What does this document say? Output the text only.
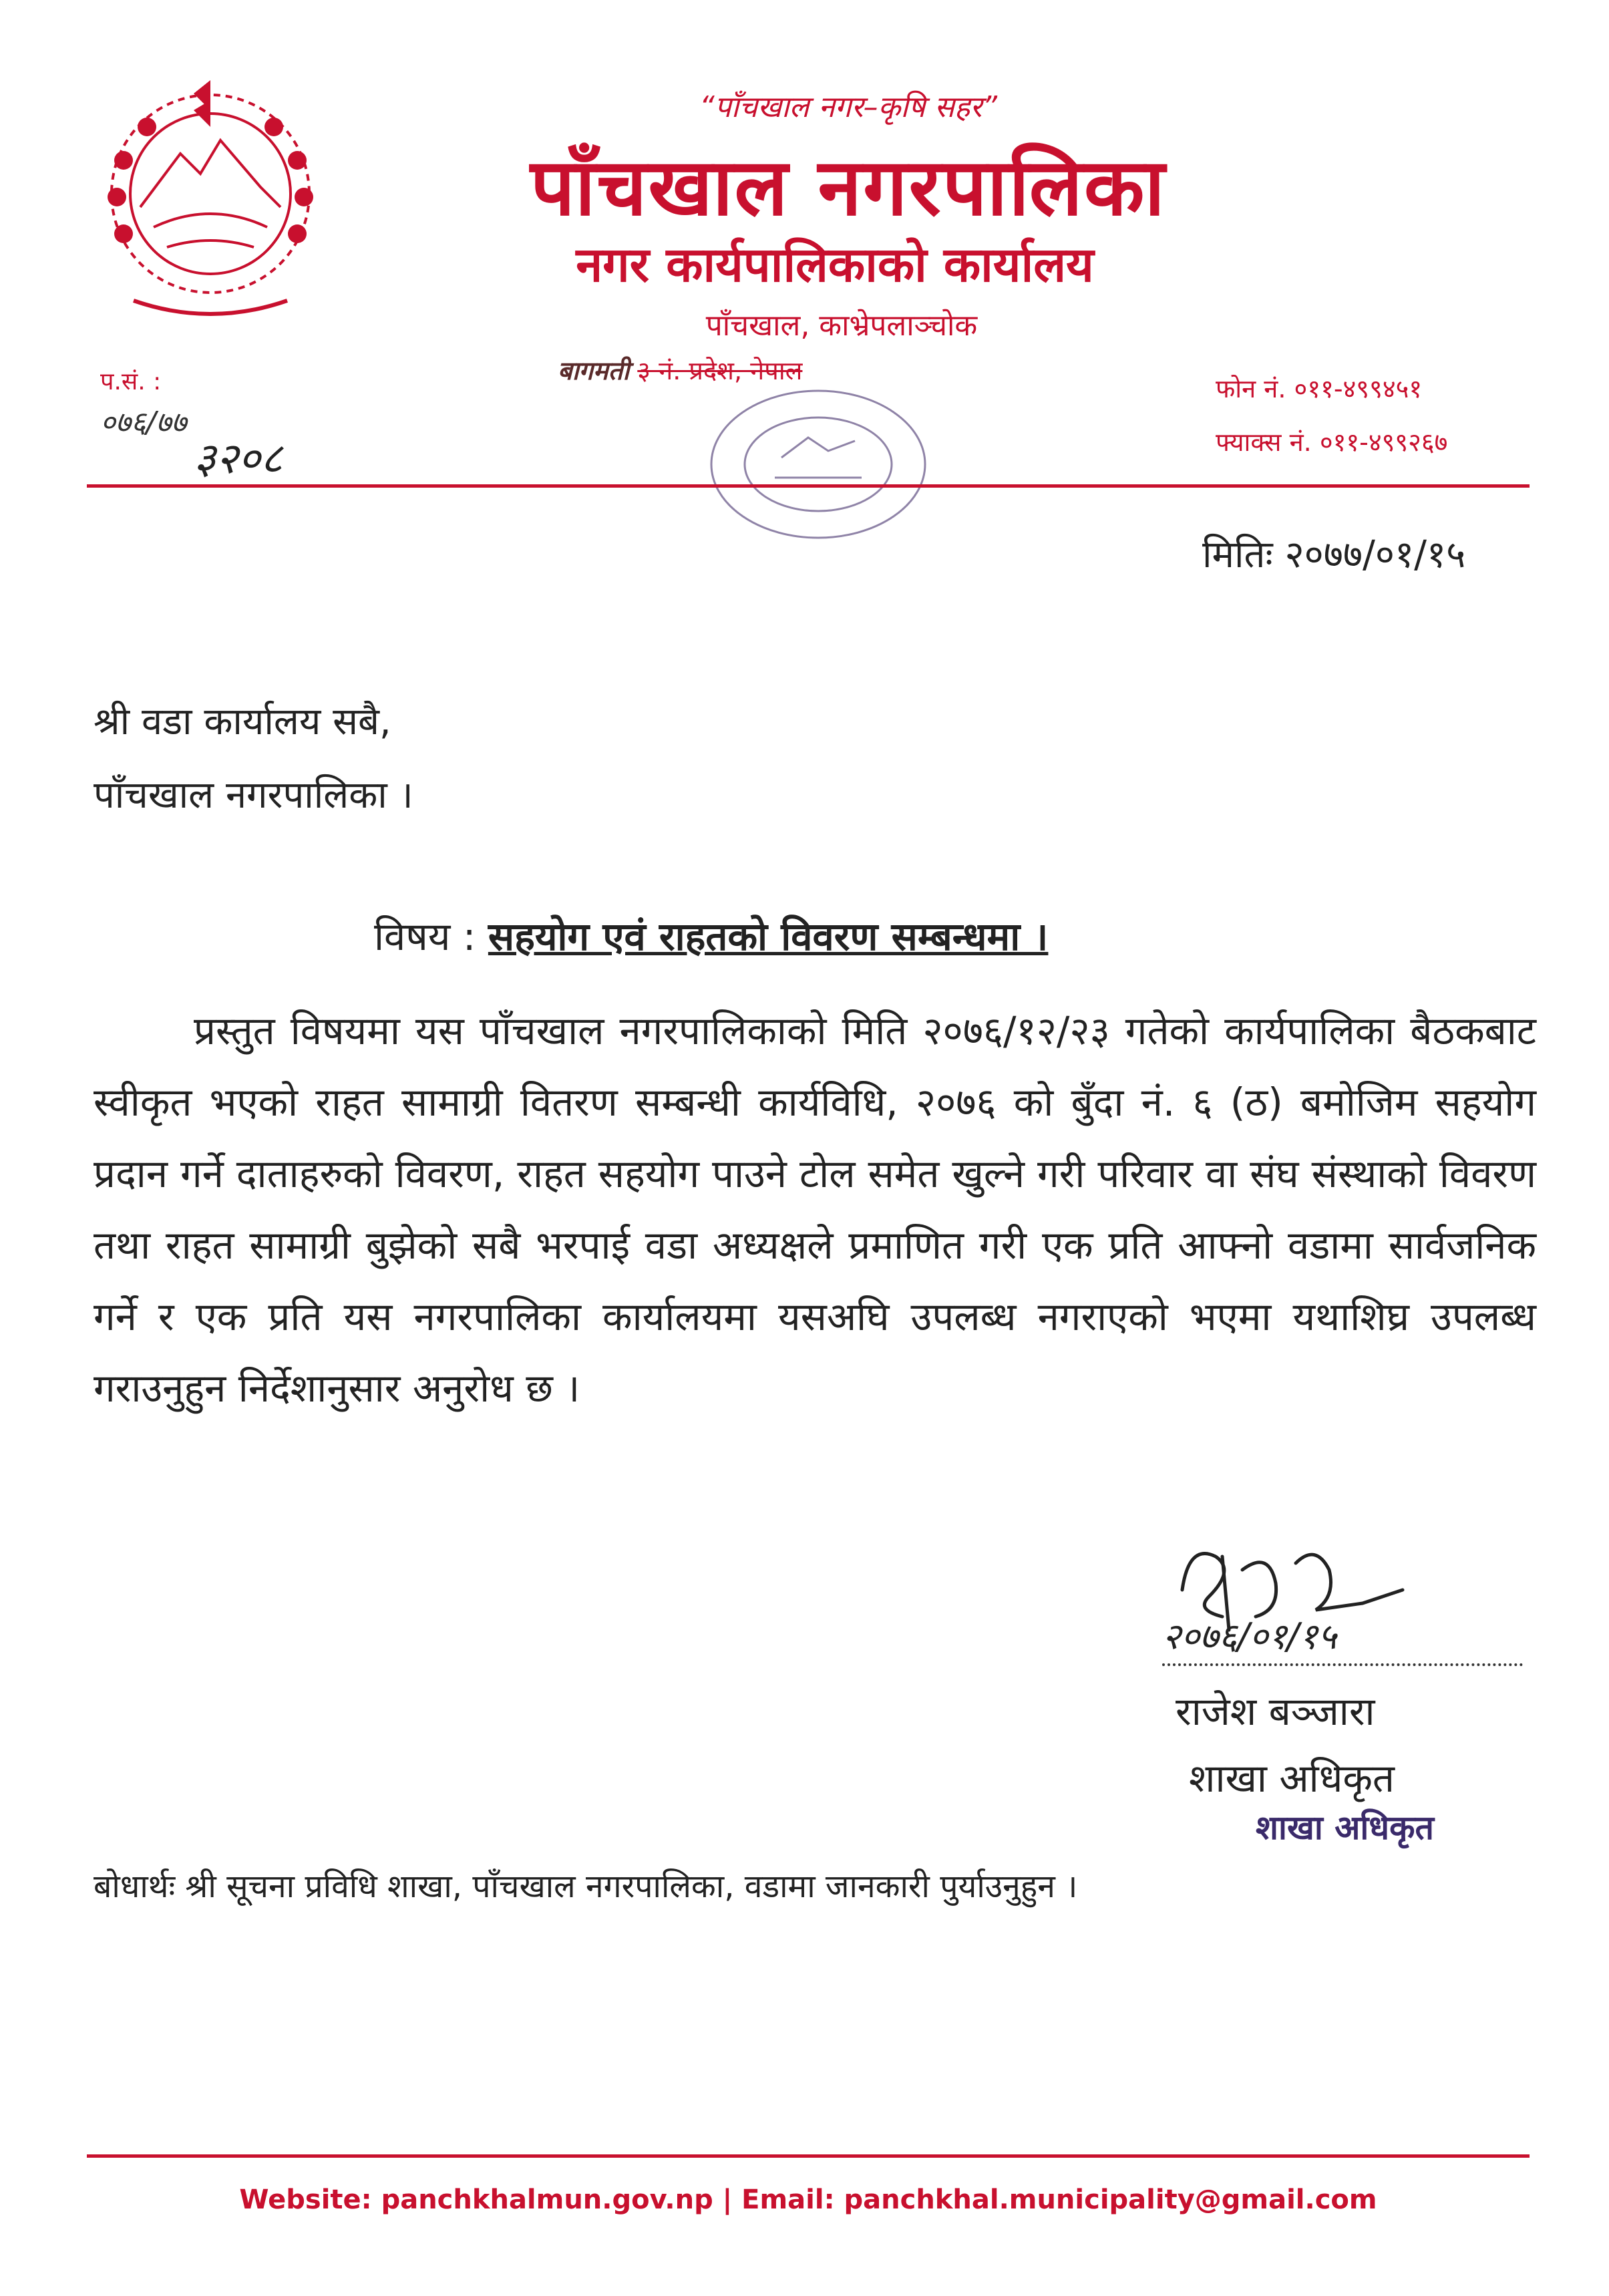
“पाँचखाल नगर–कृषि सहर”
पाँचखाल नगरपालिका
नगर कार्यपालिकाको कार्यालय
पाँचखाल, काभ्रेपलाञ्चोक
बागमती ३ नं. प्रदेश, नेपाल
प.सं. :
०७६/७७
३२०८
फोन नं. ०११-४९९४५१
फ्याक्स नं. ०११-४९९२६७
मितिः २०७७/०१/१५
श्री वडा कार्यालय सबै,
पाँचखाल नगरपालिका ।
विषय : सहयोग एवं राहतको विवरण सम्बन्धमा ।
प्रस्तुत विषयमा यस पाँचखाल नगरपालिकाको मिति २०७६/१२/२३ गतेको कार्यपालिका बैठकबाट स्वीकृत भएको राहत सामाग्री वितरण सम्बन्धी कार्यविधि, २०७६ को बुँदा नं. ६ (ठ) बमोजिम सहयोग प्रदान गर्ने दाताहरुको विवरण, राहत सहयोग पाउने टोल समेत खुल्ने गरी परिवार वा संघ संस्थाको विवरण तथा राहत सामाग्री बुझेको सबै भरपाई वडा अध्यक्षले प्रमाणित गरी एक प्रति आफ्नो वडामा सार्वजनिक गर्ने र एक प्रति यस नगरपालिका कार्यालयमा यसअघि उपलब्ध नगराएको भएमा यथाशिघ्र उपलब्ध गराउनुहुन निर्देशानुसार अनुरोध छ ।
२०७६/०१/१५
राजेश बञ्जारा
शाखा अधिकृत
शाखा अधिकृत
बोधार्थः श्री सूचना प्रविधि शाखा, पाँचखाल नगरपालिका, वडामा जानकारी पुर्याउनुहुन ।
Website: panchkhalmun.gov.np | Email: panchkhal.municipality@gmail.com
